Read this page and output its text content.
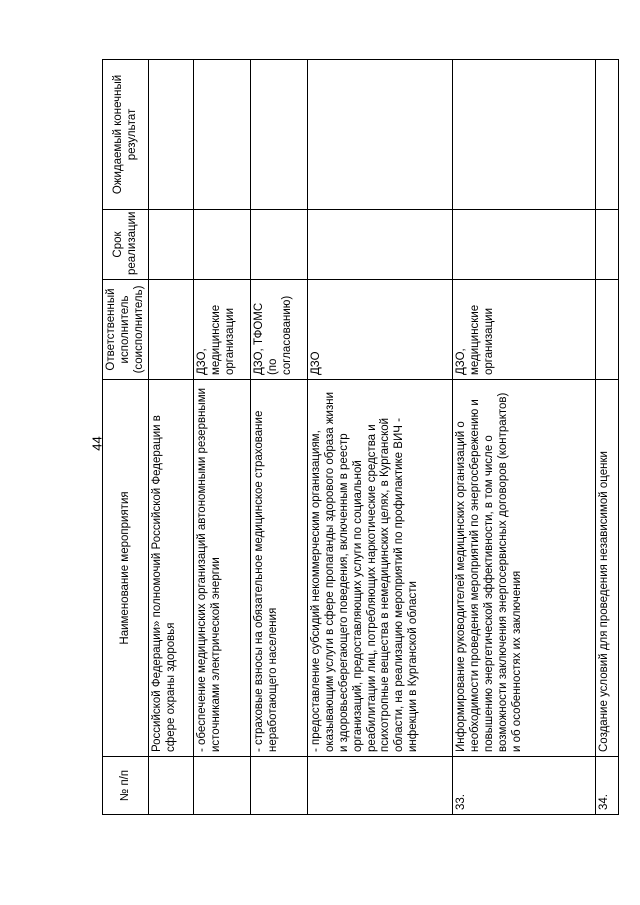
44
№ п/п	Наименование мероприятия	Ответственный исполнитель (соисполнитель)	Срок реализации	Ожидаемый конечный результат
	Российской Федерации» полномочий Российской Федерации в сфере охраны здоровья			
	- обеспечение медицинских организаций автономными резервными источниками электрической энергии	ДЗО, медицинские организации		
	- страховые взносы на обязательное медицинское страхование неработающего населения	ДЗО, ТФОМС (по согласованию)		
	- предоставление субсидий некоммерческим организациям, оказывающим услуги в сфере пропаганды здорового образа жизни и здоровьесберегающего поведения, включенным в реестр организаций, предоставляющих услуги по социальной реабилитации лиц, потребляющих наркотические средства и психотропные вещества в немедицинских целях, в Курганской области, на реализацию мероприятий по профилактике ВИЧ - инфекции в Курганской области	ДЗО		
33.	Информирование руководителей медицинских организаций о необходимости проведения мероприятий по энергосбережению и повышению энергетической эффективности, в том числе о возможности заключения энергосервисных договоров (контрактов) и об особенностях их заключения	ДЗО, медицинские организации		
34.	Создание условий для проведения независимой оценки			
